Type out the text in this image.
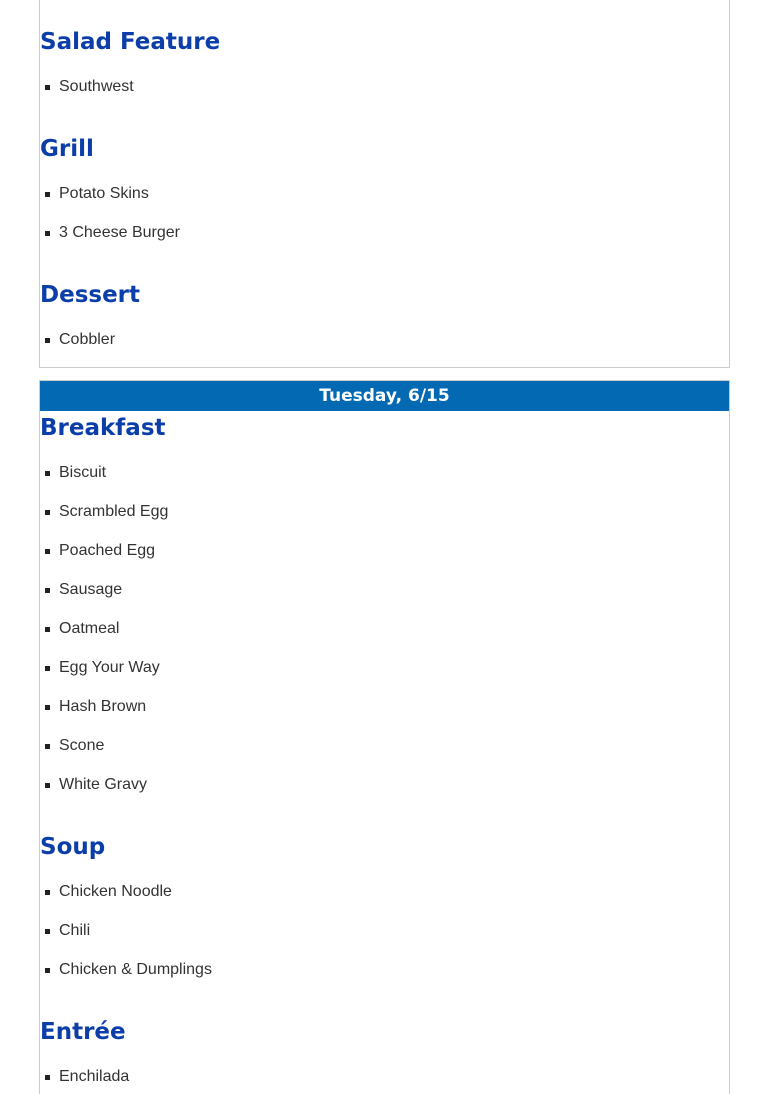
Salad Feature
Southwest
Grill
Potato Skins
3 Cheese Burger
Dessert
Cobbler
Tuesday, 6/15
Breakfast
Biscuit
Scrambled Egg
Poached Egg
Sausage
Oatmeal
Egg Your Way
Hash Brown
Scone
White Gravy
Soup
Chicken Noodle
Chili
Chicken & Dumplings
Entrée
Enchilada
